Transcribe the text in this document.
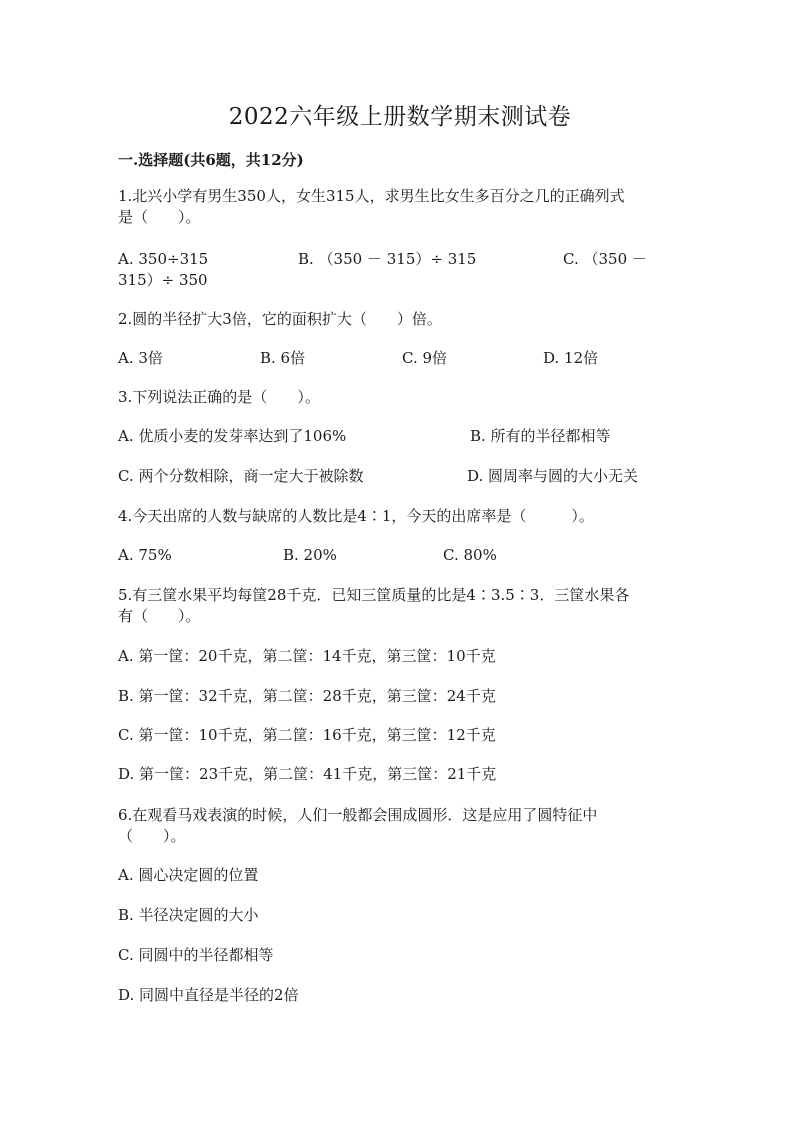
2022六年级上册数学期末测试卷
一.选择题(共6题，共12分)
1.北兴小学有男生350人，女生315人，求男生比女生多百分之几的正确列式
是（　　）。
A. 350÷315	B. （350 － 315）÷ 315	C. （350 －
315）÷ 350
2.圆的半径扩大3倍，它的面积扩大（　　）倍。
A. 3倍	B. 6倍	C. 9倍	D. 12倍
3.下列说法正确的是（　　）。
A. 优质小麦的发芽率达到了106%	B. 所有的半径都相等
C. 两个分数相除，商一定大于被除数	D. 圆周率与圆的大小无关
4.今天出席的人数与缺席的人数比是4∶1，今天的出席率是（　　　）。
A. 75%	B. 20%	C. 80%
5.有三筐水果平均每筐28千克．已知三筐质量的比是4∶3.5∶3．三筐水果各
有（　　）。
A. 第一筐：20千克，第二筐：14千克，第三筐：10千克
B. 第一筐：32千克，第二筐：28千克，第三筐：24千克
C. 第一筐：10千克，第二筐：16千克，第三筐：12千克
D. 第一筐：23千克，第二筐：41千克，第三筐：21千克
6.在观看马戏表演的时候，人们一般都会围成圆形．这是应用了圆特征中
（　　）。
A. 圆心决定圆的位置
B. 半径决定圆的大小
C. 同圆中的半径都相等
D. 同圆中直径是半径的2倍
